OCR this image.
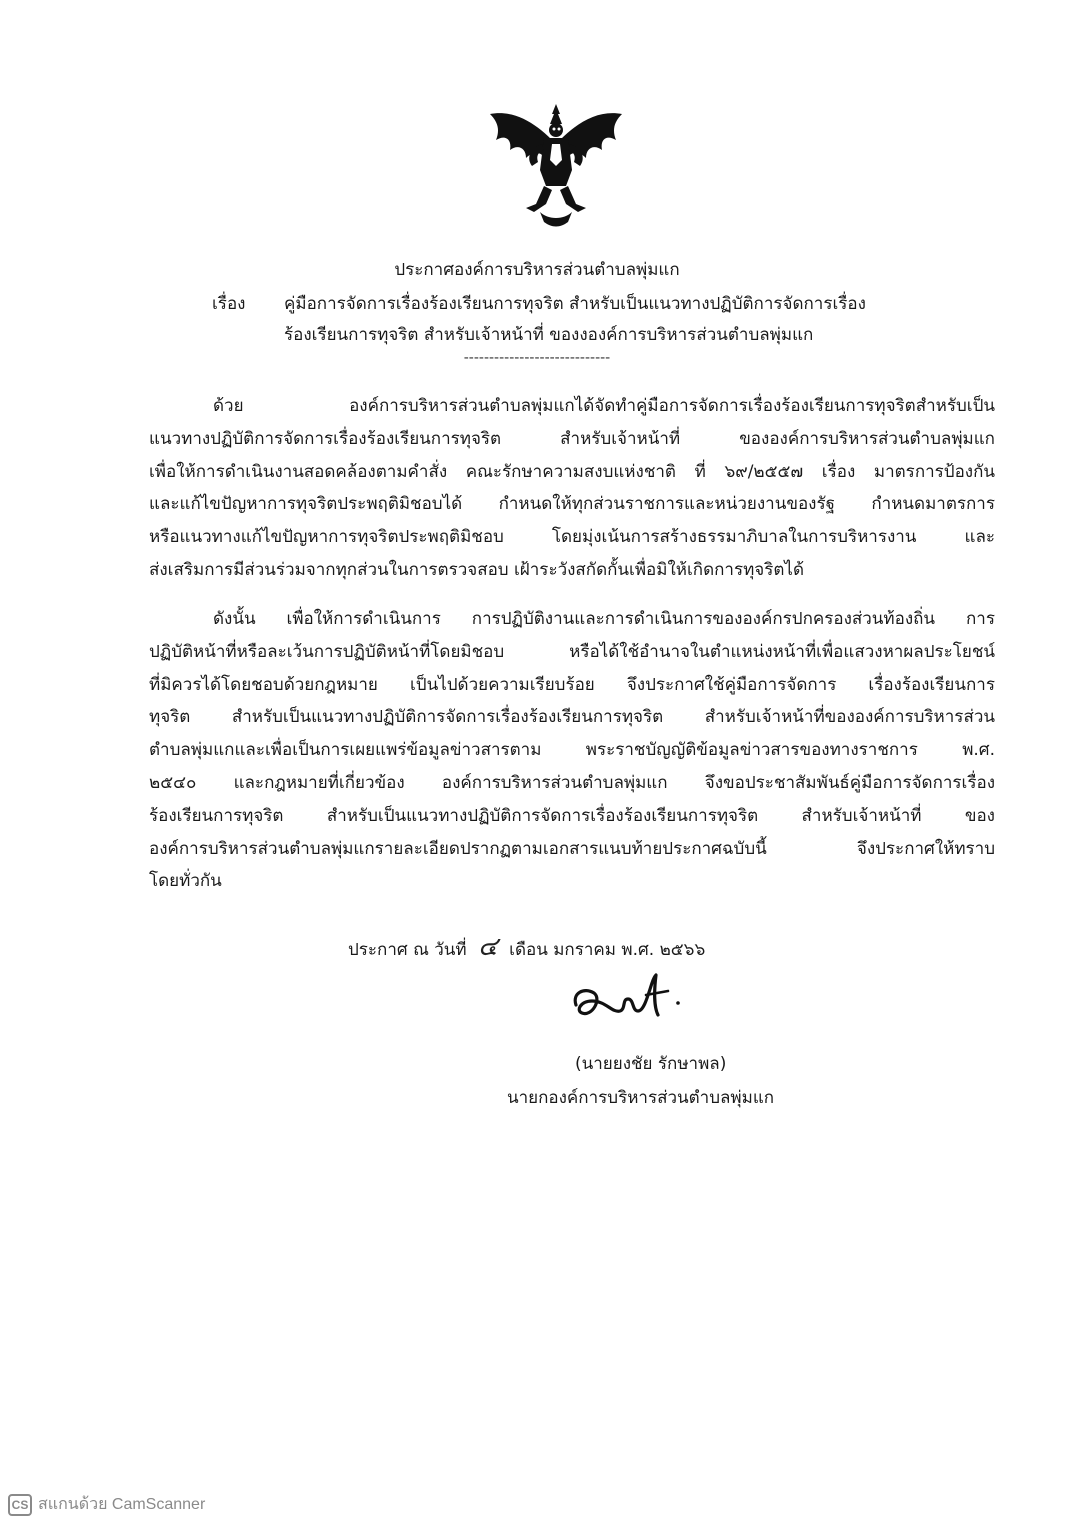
ประกาศองค์การบริหารส่วนตำบลพุ่มแก
เรื่อง	คู่มือการจัดการเรื่องร้องเรียนการทุจริต สำหรับเป็นแนวทางปฏิบัติการจัดการเรื่อง
ร้องเรียนการทุจริต สำหรับเจ้าหน้าที่ ของงองค์การบริหารส่วนตำบลพุ่มแก
-----------------------------
ด้วย	องค์การบริหารส่วนตำบลพุ่มแกได้จัดทำคู่มือการจัดการเรื่องร้องเรียนการทุจริตสำหรับเป็น
แนวทางปฏิบัติการจัดการเรื่องร้องเรียนการทุจริต	สำหรับเจ้าหน้าที่	ขององค์การบริหารส่วนตำบลพุ่มแก
เพื่อให้การดำเนินงานสอดคล้องตามคำสั่ง คณะรักษาความสงบแห่งชาติ ที่ ๖๙/๒๕๕๗ เรื่อง มาตรการป้องกัน
และแก้ไขปัญหาการทุจริตประพฤติมิชอบได้ กำหนดให้ทุกส่วนราชการและหน่วยงานของรัฐ กำหนดมาตรการ
หรือแนวทางแก้ไขปัญหาการทุจริตประพฤติมิชอบ	โดยมุ่งเน้นการสร้างธรรมาภิบาลในการบริหารงาน	และ
ส่งเสริมการมีส่วนร่วมจากทุกส่วนในการตรวจสอบ เฝ้าระวังสกัดกั้นเพื่อมิให้เกิดการทุจริตได้
ดังนั้น เพื่อให้การดำเนินการ การปฏิบัติงานและการดำเนินการขององค์กรปกครองส่วนท้องถิ่น การ
ปฏิบัติหน้าที่หรือละเว้นการปฏิบัติหน้าที่โดยมิชอบ	หรือได้ใช้อำนาจในตำแหน่งหน้าที่เพื่อแสวงหาผลประโยชน์
ที่มิควรได้โดยชอบด้วยกฎหมาย เป็นไปด้วยความเรียบร้อย จึงประกาศใช้คู่มือการจัดการ เรื่องร้องเรียนการ
ทุจริต สำหรับเป็นแนวทางปฏิบัติการจัดการเรื่องร้องเรียนการทุจริต สำหรับเจ้าหน้าที่ขององค์การบริหารส่วน
ตำบลพุ่มแกและเพื่อเป็นการเผยแพร่ข้อมูลข่าวสารตาม	พระราชบัญญัติข้อมูลข่าวสารของทางราชการ	พ.ศ.
๒๕๔๐ และกฎหมายที่เกี่ยวข้อง องค์การบริหารส่วนตำบลพุ่มแก จึงขอประชาสัมพันธ์คู่มือการจัดการเรื่อง
ร้องเรียนการทุจริต	สำหรับเป็นแนวทางปฏิบัติการจัดการเรื่องร้องเรียนการทุจริต	สำหรับเจ้าหน้าที่	ของ
องค์การบริหารส่วนตำบลพุ่มแกรายละเอียดปรากฏตามเอกสารแนบท้ายประกาศฉบับนี้	จึงประกาศให้ทราบ
โดยทั่วกัน
ประกาศ ณ วันที่ ๔ เดือน มกราคม พ.ศ. ๒๕๖๖
(นายยงชัย รักษาพล)
นายกองค์การบริหารส่วนตำบลพุ่มแก
CS สแกนด้วย CamScanner
